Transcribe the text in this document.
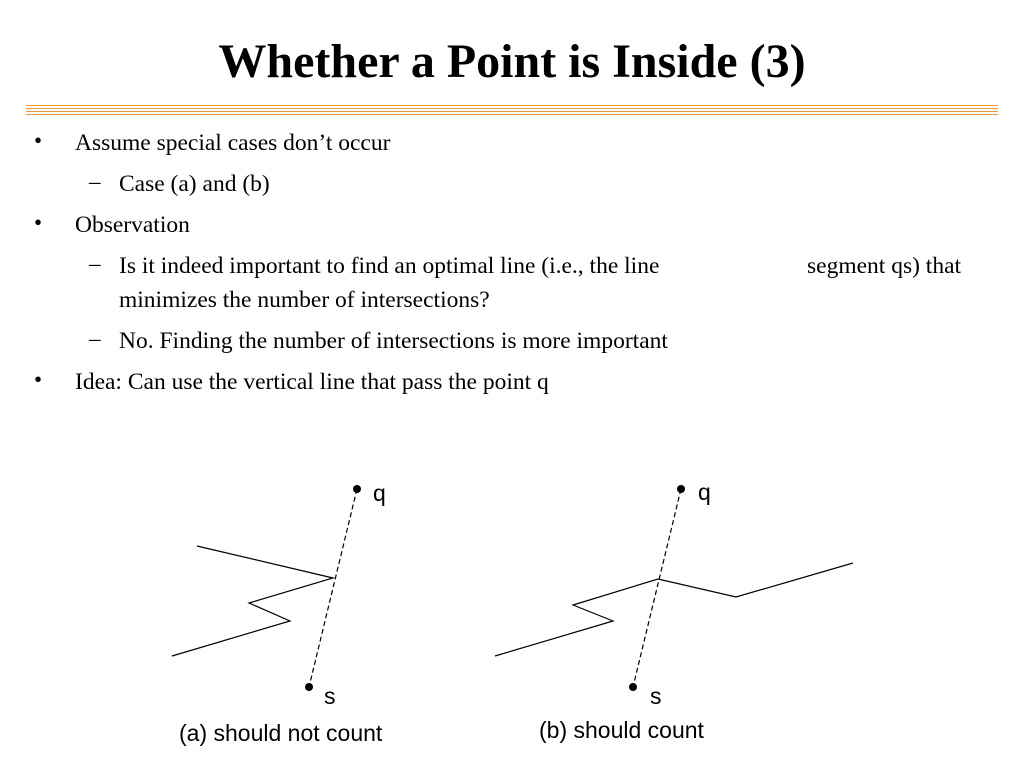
Whether a Point is Inside (3)
• Assume special cases don’t occur
– Case (a) and (b)
• Observation
– Is it indeed important to find an optimal line (i.e., the line	segment qs) that
minimizes the number of intersections?
– No. Finding the number of intersections is more important
• Idea: Can use the vertical line that pass the point q
q
s
(a) should not count
q
s
(b) should count
